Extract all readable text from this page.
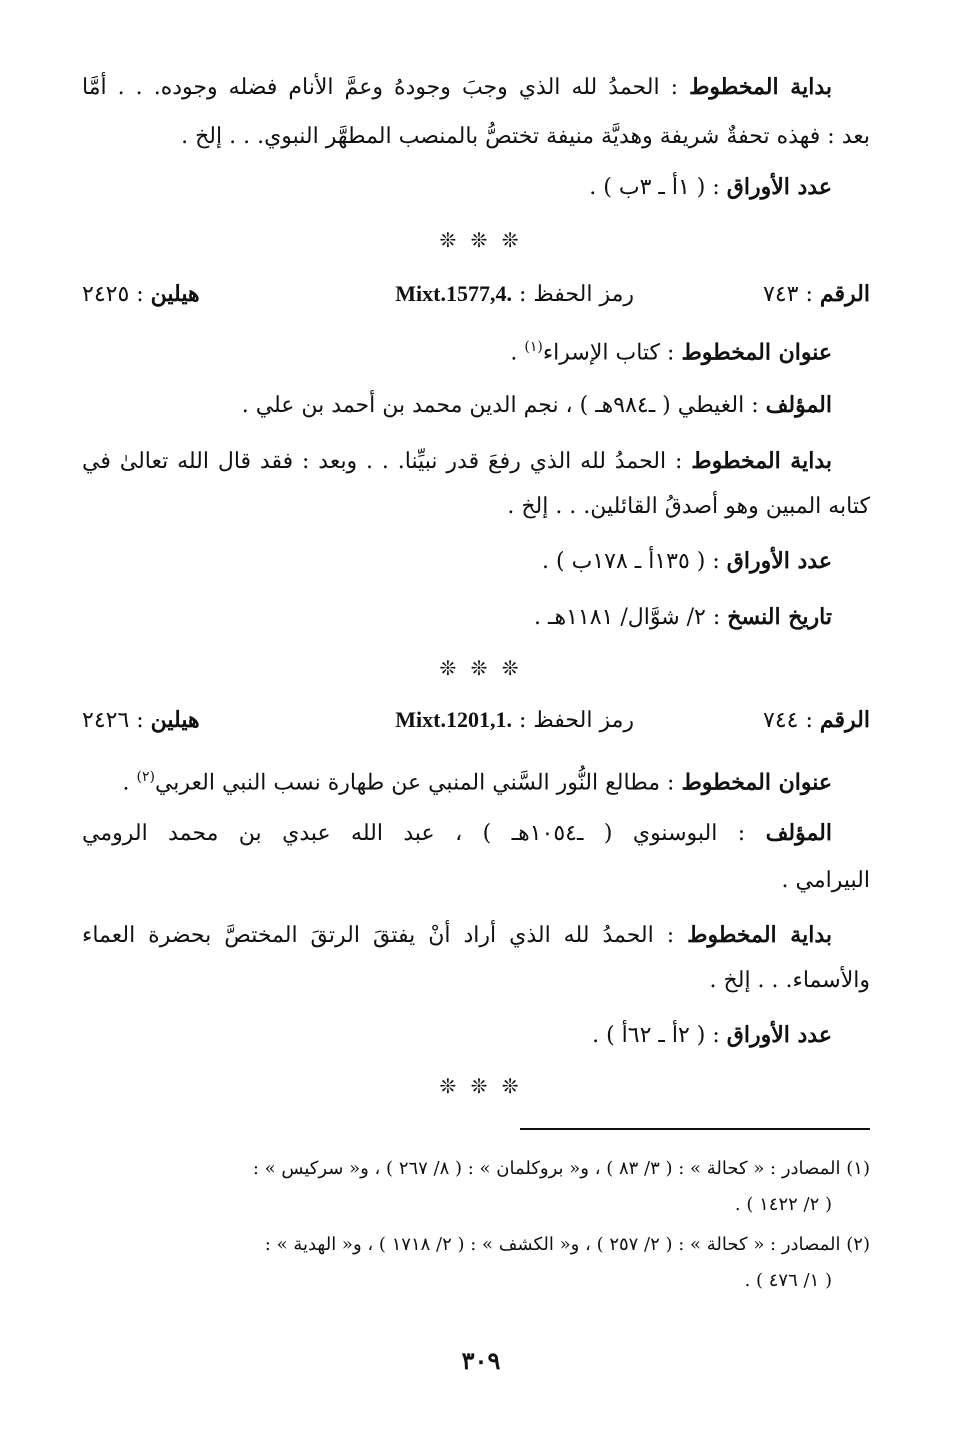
بداية المخطوط : الحمدُ لله الذي وجبَ وجودهُ وعمَّ الأنام فضله وجوده. . . أمَّا
بعد : فهذه تحفةٌ شريفة وهديَّة منيفة تختصُّ بالمنصب المطهَّر النبوي. . . إلخ .
عدد الأوراق : ( ١أ ـ ٣ب ) .
❊ ❊ ❊
الرقم : ٧٤٣
رمز الحفظ : Mixt.1577,4.
هيلين : ٢٤٢٥
عنوان المخطوط : كتاب الإسراء$^{(١)}$ .
المؤلف : الغيطي ( ـ٩٨٤هـ ) ، نجم الدين محمد بن أحمد بن علي .
بداية المخطوط : الحمدُ لله الذي رفعَ قدر نبيِّنا. . . وبعد : فقد قال الله تعالىٰ في
كتابه المبين وهو أصدقُ القائلين. . . إلخ .
عدد الأوراق : ( ١٣٥أ ـ ١٧٨ب ) .
تاريخ النسخ : ٢/ شوَّال/ ١١٨١هـ .
❊ ❊ ❊
الرقم : ٧٤٤
رمز الحفظ : Mixt.1201,1.
هيلين : ٢٤٢٦
عنوان المخطوط : مطالع النُّور السَّني المنبي عن طهارة نسب النبي العربي$^{(٢)}$ .
المؤلف : البوسنوي ( ـ١٠٥٤هـ ) ، عبد الله عبدي بن محمد الرومي
البيرامي .
بداية المخطوط : الحمدُ لله الذي أراد أنْ يفتقَ الرتقَ المختصَّ بحضرة العماء
والأسماء. . . إلخ .
عدد الأوراق : ( ٢أ ـ ٦٢أ ) .
❊ ❊ ❊
(١) المصادر : « كحالة » : ( ٣/ ٨٣ ) ، و« بروكلمان » : ( ٨/ ٢٦٧ ) ، و« سركيس » :
( ٢/ ١٤٢٢ ) .
(٢) المصادر : « كحالة » : ( ٢/ ٢٥٧ ) ، و« الكشف » : ( ٢/ ١٧١٨ ) ، و« الهدية » :
( ١/ ٤٧٦ ) .
٣٠٩
